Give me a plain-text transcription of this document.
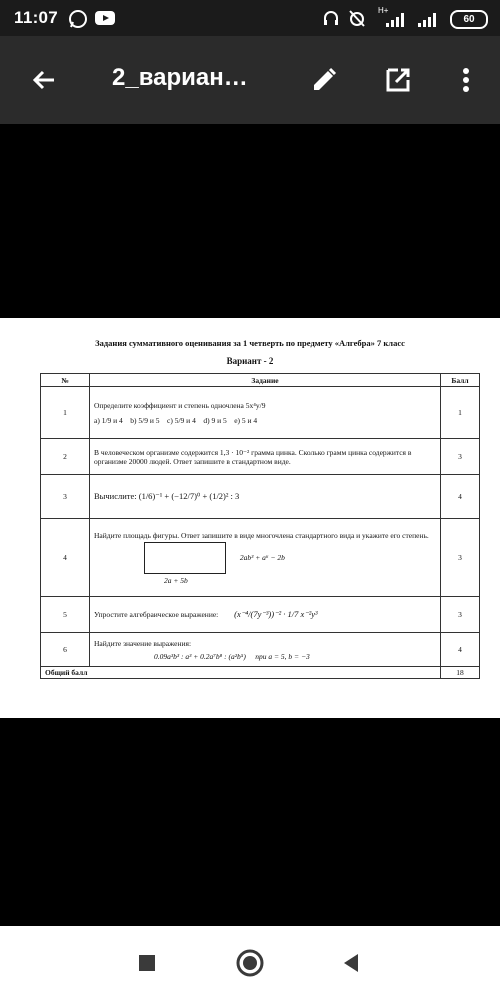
11:07	H+
60
2_вариан…
Задания суммативного оценивания за 1 четверть по предмету «Алгебра» 7 класс
Вариант - 2
№	Задание	Балл
1	Определите коэффициент и степень одночлена 5x⁴y/9
а) 1/9 и 4    b) 5/9 и 5    c) 5/9 и 4    d) 9 и 5    e) 5 и 4	1
2	В человеческом организме содержится 1,3 · 10⁻² граммa цинка. Сколько грамм цинка содержится в организме 20000 людей. Ответ запишите в стандартном виде.	3
3	Вычислите: (1/6)⁻¹ + (−12/7)⁰ + (1/2)² : 3	4
4	Найдите площадь фигуры. Ответ запишите в виде многочлена стандартного вида и укажите его степень.
2ab³ + a⁶ − 2b
2a + 5b	3
5	Упростите алгебраическое выражение: (x⁻⁴/(7y⁻³))⁻² · 1/7 x⁻²y³	3
6	Найдите значение выражения:
0.09a³b³ : a³ + 0.2a⁷b⁸ : (a²b⁵)     при a = 5, b = −3	4
Общий балл		18
